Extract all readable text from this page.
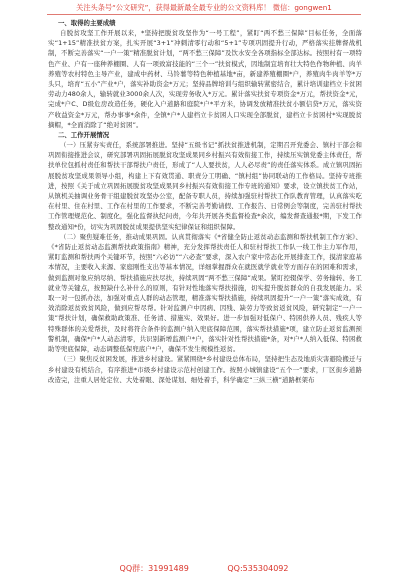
关注头条号“公文研究”，获得最新最全最专业的公文资料库！ 微信：gongwen1

一、取得的主要成绩

自脱贫攻坚工作开展以来，*坚持把脱贫攻坚作为“一号工程”，紧盯“两不愁三保障”目标任务，全面落实“1+15”精准扶贫方案，扎实开展“3+1”冲刺清零行动和“5+1”专项巩固提升行动，严格落实挂牌督战机制，不断完善落实“一户一策”精准脱贫计划，“两不愁三保障”及饮水安全各项指标全部达标。按照村有一项特色产业、户有一座种养棚圈、人有一项致富技能的“三个一”扶贫模式，因地制宜培育壮大特色作物种植、肉羊养殖等农村特色主导产业，建成中药材、马铃薯等特色种植基地*亩，新建养殖棚圈*户，养殖肉牛肉羊等*万头只，培育“五小”产业*户，落实补助资金*万元；坚持品牌培训与组织输转紧密结合，累计培训建档立卡贫困劳动力480余人，输转就业3000余人次，实现劳务收入*万元。累计落实扶贫专项资金*万元，帮扶资金*元，完成*户C、D级危房改造任务，硬化入户道路和庭院*户*平方米，协调发放精准扶贫小额信贷*万元，落实资产收益资金*万元，帮办事事*余件，全镇*户*人建档立卡贫困人口实现全部脱贫，建档立卡贫困村*实现脱贫摘帽，*全面消除了“绝对贫困”。

二、工作开展情况

（一）压紧夯实责任，系统部署推进。坚持“五级书记”抓扶贫推进机制，定期召开党委会、镇村干部会和巩固衔接推进会议，研究部署巩固拓展脱贫攻坚成果同乡村振兴有效衔接工作，持续压实镇党委主体责任，帮扶单位包抓村责任和帮扶干部帮扶户责任，形成了“人人要扶贫，人人必尽责”的责任落实体系。成立镇巩固拓展脱贫攻坚成果领导小组，构建上下有效贯通、职责分工明确、“镇村组”协同联动的工作格局。坚持专班推进，按照《关于成立巩固拓展脱贫攻坚成果同乡村振兴有效衔接工作专班的通知》要求，设立镇扶贫工作站，从镇机关抽调业务骨干组建脱贫攻坚办公室，配备专职人员，持续加强驻村帮扶工作队教育管理，认真落实吃在村里、住在村里、工作在村里的工作要求，不断完善考勤请假、工作报告、日常例会等制度，完善驻村帮扶工作管理规范化、制度化，强化监督执纪问责，今年共开展各类监督检查*余次，编发督查通报*期，下发工作整改通知*份，切实为巩固脱贫成果提供坚实纪律保证和组织保障。

（二）聚焦疑难任务，推动成果巩固。认真贯彻落实《*省健全防止返贫动态监测和帮扶机制工作方案》、《*省防止返贫动态监测帮扶政策指南》精神，充分发挥帮扶责任人和驻村帮扶工作队一线工作主力军作用，紧盯监测和帮扶两个关键环节，按照“六必访”“六必查”要求，深入农户家中常态化开展排查工作，摸清家庭基本情况，主要收入来源、家庭刚性支出等基本情况，详细掌握群众在就医就学就业等方面存在的困难和需求，做到监测对象应纳尽纳、帮扶措施应扶尽扶，持续巩固“两不愁三保障”成果。紧盯控辍保学、劳务输转、务工就业等关键点，按照缺什么补什么的原则，有针对性地落实帮扶措施，切实提升脱贫群众的自我发展能力。采取一对一包抓办法，加强对重点人群的动态管理，精准落实帮扶措施，持续巩固提升“一户一策”落实成效，有效消除返贫致贫风险，做到应帮尽帮。针对监测户中因病、因残、缺劳力等致贫返贫风险，研究制定“一户一策”帮扶计划，确保救助政策准、任务清、措施实、效果好。进一步加强对低保户、特困供养人员、残疾人等特殊群体的关爱帮扶，及时将符合条件的监测户纳入兜底保障范围，落实帮扶措施*项，建立防止返贫监测预警机制，确保*户*人动态清零，共识别新增监测户*户，落实针对性帮扶措施*条，对*户*人纳入低保、特困救助等兜底保障，动态调整低保兜底户*户，确保不发生规模性返贫。

（三）聚焦反贫困发展，推进乡村建设。紧紧围绕*乡村建设总体布局，坚持把生态及地质灾害避险搬迁与乡村建设有机结合，有序推进*市级乡村建设示范村创建工作。按照小城镇建设“五个一”要求，厂区街乡道路改造完，注重人居处定位、大处着眼、深处谋划、细处着手，科学确定“三纵三横”道路框架布

QQ群：31991489	QQ:535304092
